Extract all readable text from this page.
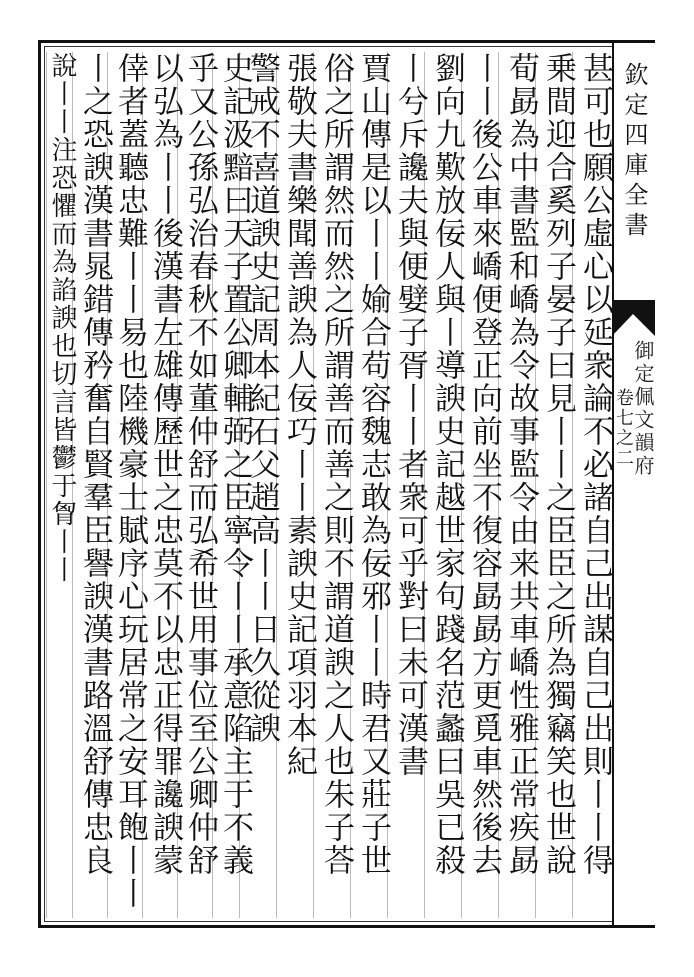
欽定四庫全書
御定佩文韻府
卷七之二
甚可也願公虛心以延衆論不必諸自己出謀自己出則丨丨得
乗間迎合奚列子晏子曰見丨丨之臣臣之所為獨竊笑也世說
荀勗為中書監和嶠為令故事監令由来共車嶠性雅正常疾勗
丨丨後公車來嶠便登正向前坐不復容勗勗方更覓車然後去
劉向九歎放佞人與丨導諛史記越世家句踐名范蠡曰吳已殺
丨兮斥讒夫與便嬖子胥丨丨者衆可乎對曰未可漢書
賈山傳是以丨丨媮合苟容魏志敢為佞邪丨丨時君又莊子世
俗之所謂然而然之所謂善而善之則不謂道諛之人也朱子荅
張敬夫書樂聞善諛為人佞巧丨丨素諛史記項羽本紀
警戒不喜道諛史記周本紀石父趙高丨丨日久從諛
史記汲黯曰天子置公卿輔弼之臣寧令丨丨承意陷主于不義
乎又公孫弘治春秋不如董仲舒而弘希世用事位至公卿仲舒
以弘為丨丨後漢書左雄傳歷世之忠莫不以忠正得罪讒諛蒙
倖者蓋聽忠難丨丨易也陸機豪士賦序心玩居常之安耳飽丨丨
丨之恐諛漢書晁錯傳矜奮自賢羣臣譽諛漢書路溫舒傳忠良
說丨丨注恐懼而為諂諛也切言皆鬱于胷丨丨
